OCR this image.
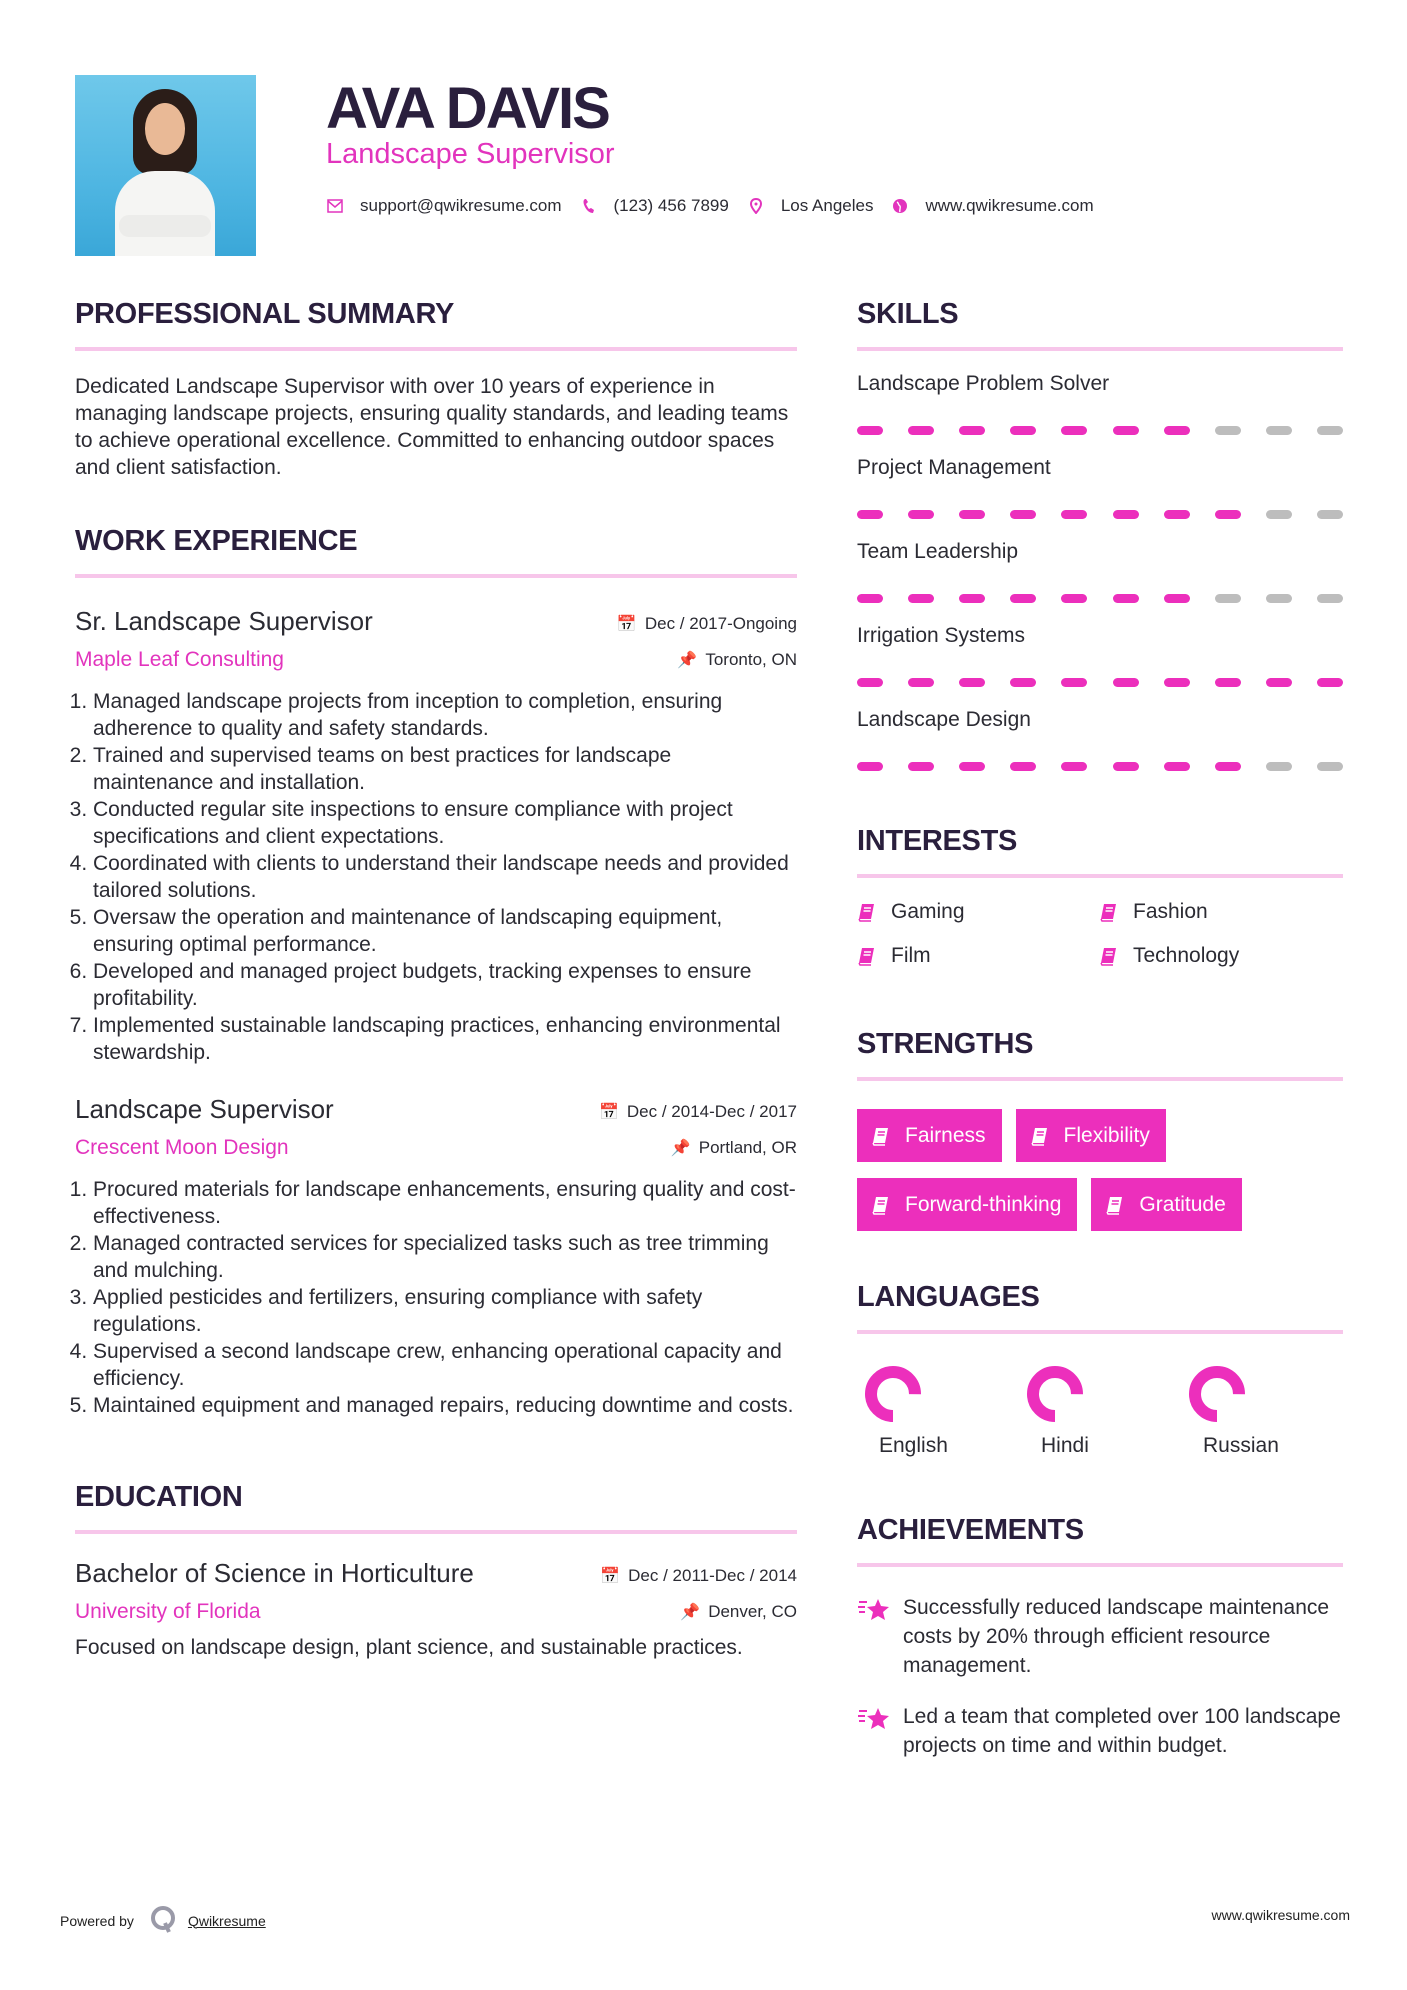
AVA DAVIS
Landscape Supervisor
support@qwikresume.com	(123) 456 7899	Los Angeles	www.qwikresume.com
PROFESSIONAL SUMMARY

Dedicated Landscape Supervisor with over 10 years of experience in managing landscape projects, ensuring quality standards, and leading teams to achieve operational excellence. Committed to enhancing outdoor spaces and client satisfaction.

WORK EXPERIENCE
Sr. Landscape Supervisor	📅 Dec / 2017-Ongoing
Maple Leaf Consulting	📌 Toronto, ON
1. Managed landscape projects from inception to completion, ensuring adherence to quality and safety standards.
2. Trained and supervised teams on best practices for landscape maintenance and installation.
3. Conducted regular site inspections to ensure compliance with project specifications and client expectations.
4. Coordinated with clients to understand their landscape needs and provided tailored solutions.
5. Oversaw the operation and maintenance of landscaping equipment, ensuring optimal performance.
6. Developed and managed project budgets, tracking expenses to ensure profitability.
7. Implemented sustainable landscaping practices, enhancing environmental stewardship.
Landscape Supervisor	📅 Dec / 2014-Dec / 2017
Crescent Moon Design	📌 Portland, OR
1. Procured materials for landscape enhancements, ensuring quality and cost-effectiveness.
2. Managed contracted services for specialized tasks such as tree trimming and mulching.
3. Applied pesticides and fertilizers, ensuring compliance with safety regulations.
4. Supervised a second landscape crew, enhancing operational capacity and efficiency.
5. Maintained equipment and managed repairs, reducing downtime and costs.
EDUCATION
Bachelor of Science in Horticulture	📅 Dec / 2011-Dec / 2014
University of Florida	📌 Denver, CO

Focused on landscape design, plant science, and sustainable practices.

SKILLS
Landscape Problem Solver
Project Management
Team Leadership
Irrigation Systems
Landscape Design
INTERESTS
Gaming	Fashion
Film	Technology
STRENGTHS
Fairness	Flexibility
Forward-thinking	Gratitude
LANGUAGES
English	Hindi	Russian
ACHIEVEMENTS
Successfully reduced landscape maintenance costs by 20% through efficient resource management.
Led a team that completed over 100 landscape projects on time and within budget.
Powered by	Qwikresume	www.qwikresume.com
